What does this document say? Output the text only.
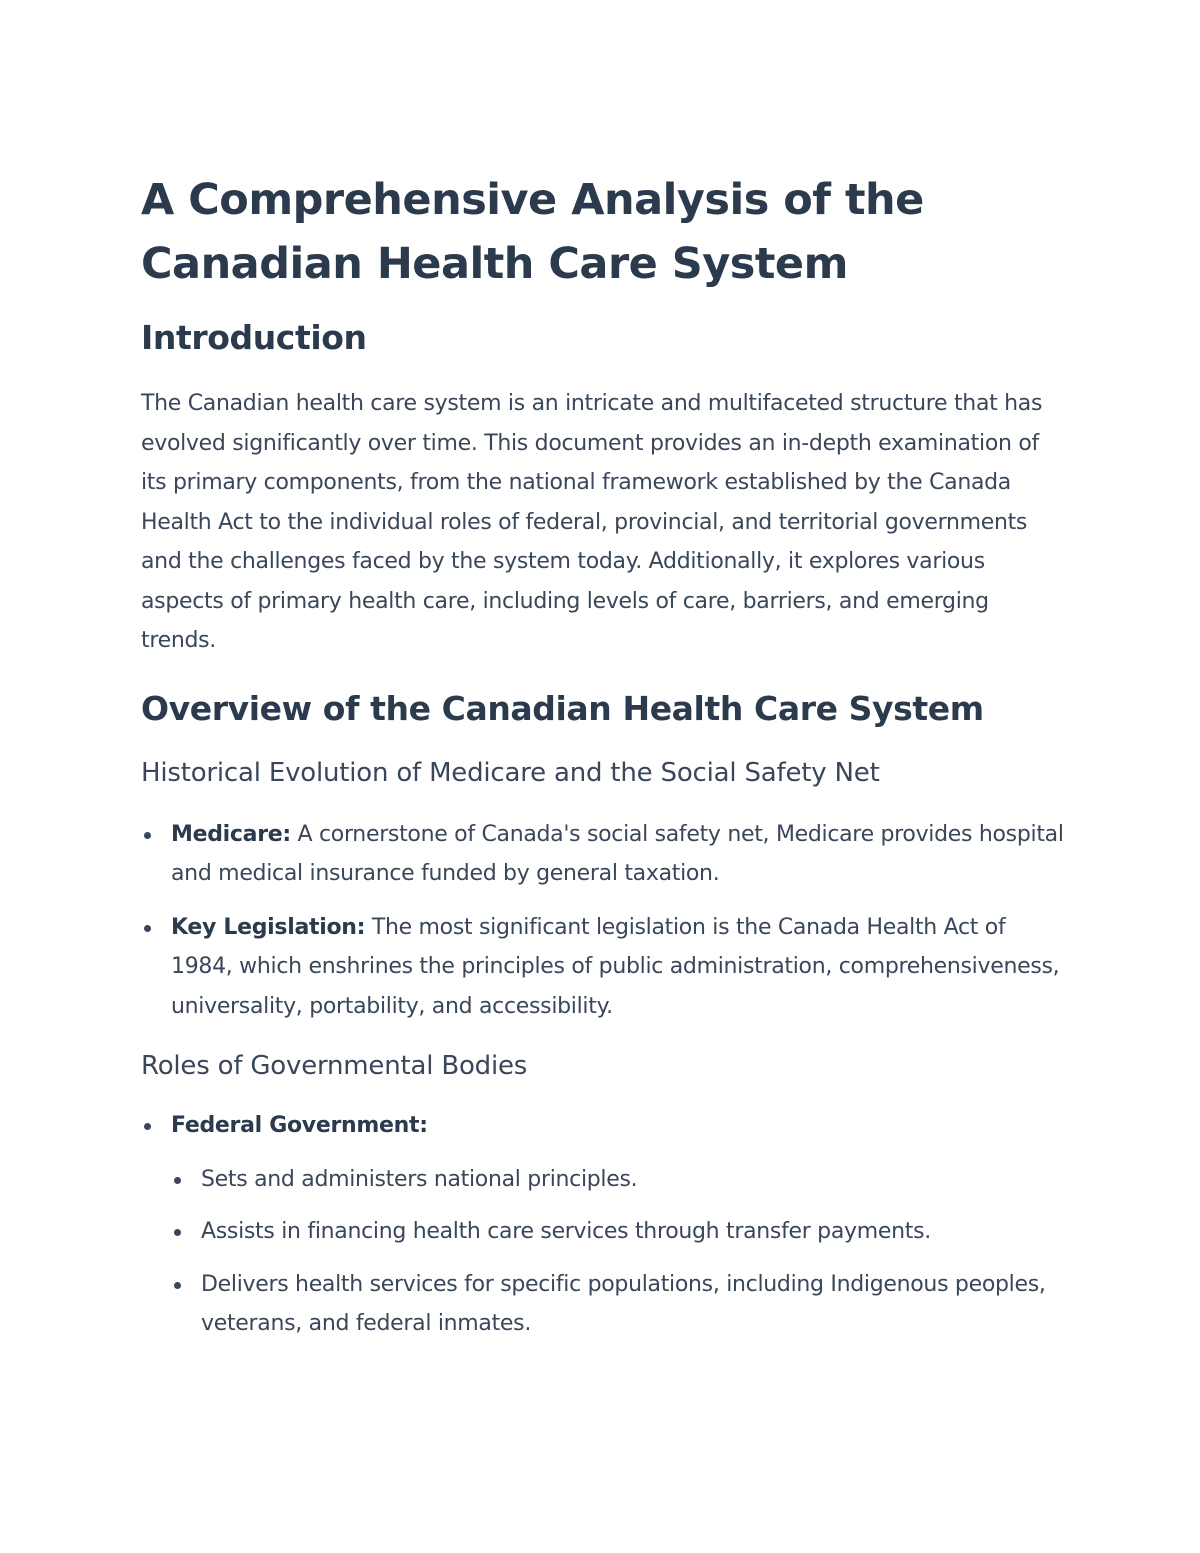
A Comprehensive Analysis of the Canadian Health Care System
Introduction

The Canadian health care system is an intricate and multifaceted structure that has evolved significantly over time. This document provides an in-depth examination of its primary components, from the national framework established by the Canada Health Act to the individual roles of federal, provincial, and territorial governments and the challenges faced by the system today. Additionally, it explores various aspects of primary health care, including levels of care, barriers, and emerging trends.

Overview of the Canadian Health Care System
Historical Evolution of Medicare and the Social Safety Net
Medicare: A cornerstone of Canada's social safety net, Medicare provides hospital and medical insurance funded by general taxation.
Key Legislation: The most significant legislation is the Canada Health Act of 1984, which enshrines the principles of public administration, comprehensiveness, universality, portability, and accessibility.
Roles of Governmental Bodies
Federal Government:
Sets and administers national principles.
Assists in financing health care services through transfer payments.
Delivers health services for specific populations, including Indigenous peoples, veterans, and federal inmates.
